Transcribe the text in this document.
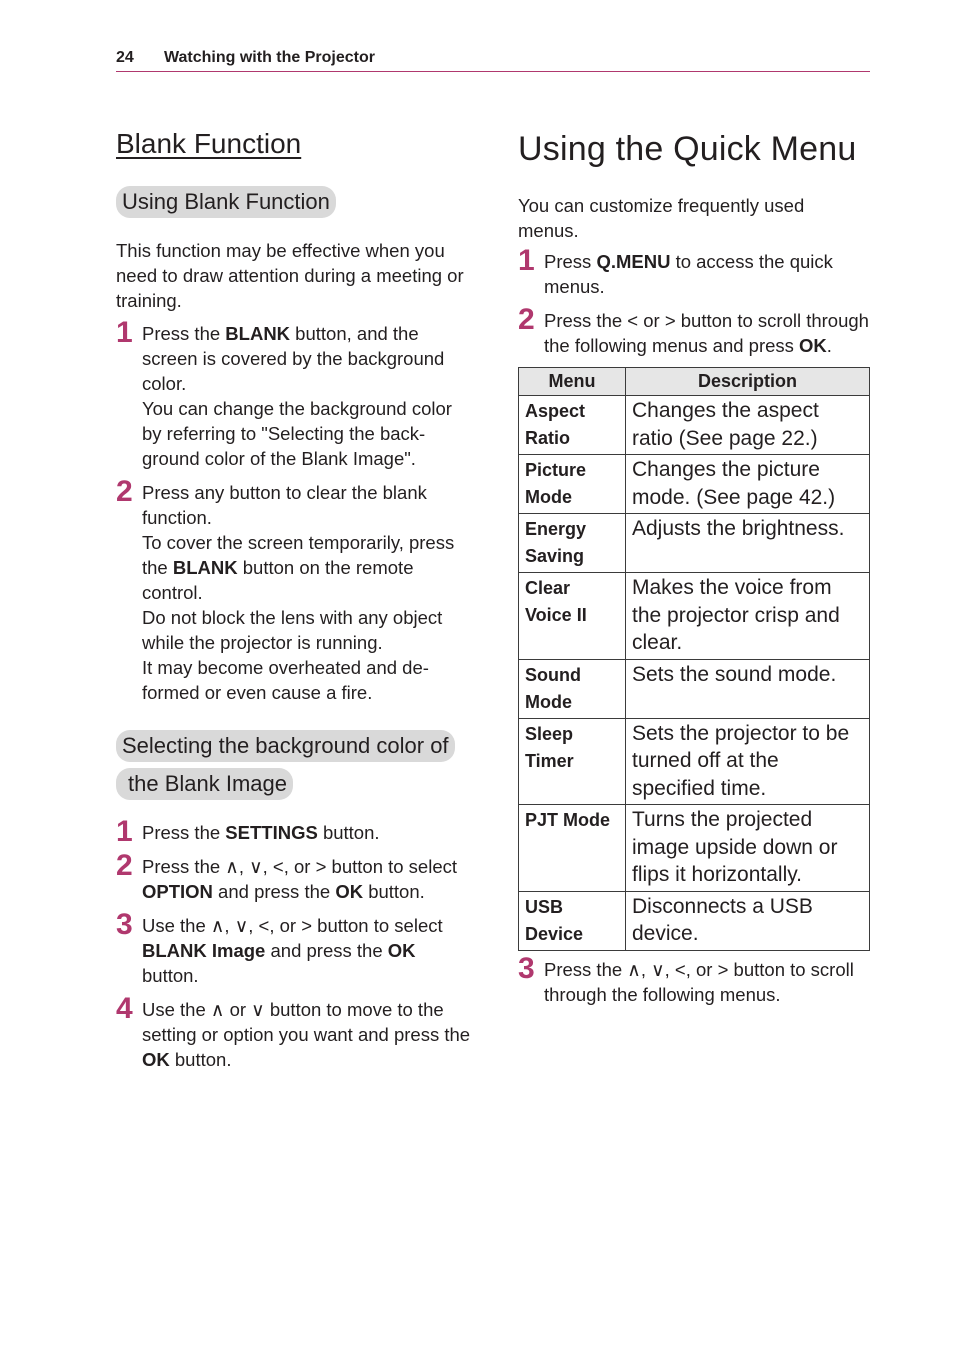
24 Watching with the Projector
Blank Function
Using Blank Function

This function may be effective when you need to draw attention during a meeting or training.

1 Press the BLANK button, and the screen is covered by the background color.
You can change the background color by referring to "Selecting the back-ground color of the Blank Image".
2 Press any button to clear the blank function.
To cover the screen temporarily, press the BLANK button on the remote control.
Do not block the lens with any object while the projector is running.
It may become overheated and de-formed or even cause a fire.
Selecting the background color of
the Blank Image
1 Press the SETTINGS button.
2 Press the ∧, ∨, <, or > button to select OPTION and press the OK button.
3 Use the ∧, ∨, <, or > button to select BLANK Image and press the OK button.
4 Use the ∧ or ∨ button to move to the setting or option you want and press the OK button.
Using the Quick Menu

You can customize frequently used menus.

1 Press Q.MENU to access the quick menus.
2 Press the < or > button to scroll through the following menus and press OK.
Menu	Description
Aspect Ratio	Changes the aspect ratio (See page 22.)
Picture Mode	Changes the picture mode. (See page 42.)
Energy Saving	Adjusts the brightness.
Clear Voice II	Makes the voice from the projector crisp and clear.
Sound Mode	Sets the sound mode.
Sleep Timer	Sets the projector to be turned off at the specified time.
PJT Mode	Turns the projected image upside down or flips it horizontally.
USB Device	Disconnects a USB device.
3 Press the ∧, ∨, <, or > button to scroll through the following menus.
